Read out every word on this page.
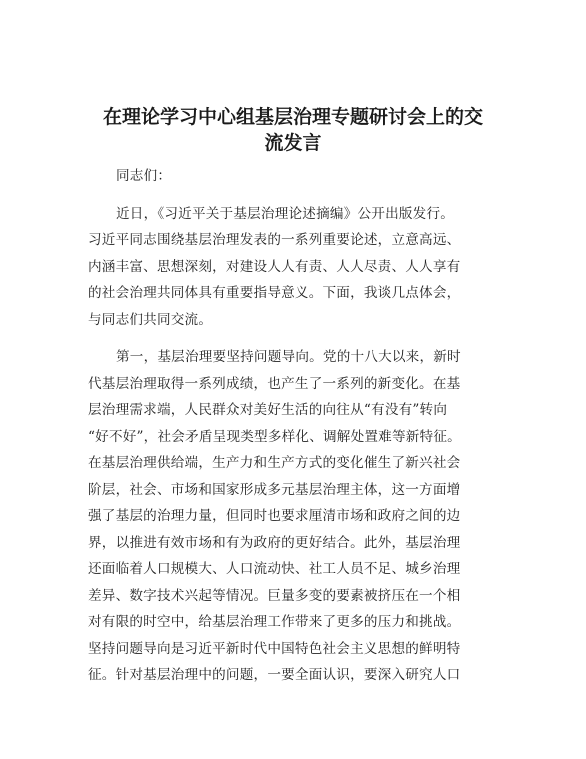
在理论学习中心组基层治理专题研讨会上的交
流发言
同志们：
近日，《习近平关于基层治理论述摘编》公开出版发行。
习近平同志围绕基层治理发表的一系列重要论述，立意高远、
内涵丰富、思想深刻，对建设人人有责、人人尽责、人人享有
的社会治理共同体具有重要指导意义。下面，我谈几点体会，
与同志们共同交流。
第一，基层治理要坚持问题导向。党的十八大以来，新时
代基层治理取得一系列成绩，也产生了一系列的新变化。在基
层治理需求端，人民群众对美好生活的向往从“有没有”转向
“好不好”，社会矛盾呈现类型多样化、调解处置难等新特征。
在基层治理供给端，生产力和生产方式的变化催生了新兴社会
阶层，社会、市场和国家形成多元基层治理主体，这一方面增
强了基层的治理力量，但同时也要求厘清市场和政府之间的边
界，以推进有效市场和有为政府的更好结合。此外，基层治理
还面临着人口规模大、人口流动快、社工人员不足、城乡治理
差异、数字技术兴起等情况。巨量多变的要素被挤压在一个相
对有限的时空中，给基层治理工作带来了更多的压力和挑战。
坚持问题导向是习近平新时代中国特色社会主义思想的鲜明特
征。针对基层治理中的问题，一要全面认识，要深入研究人口
